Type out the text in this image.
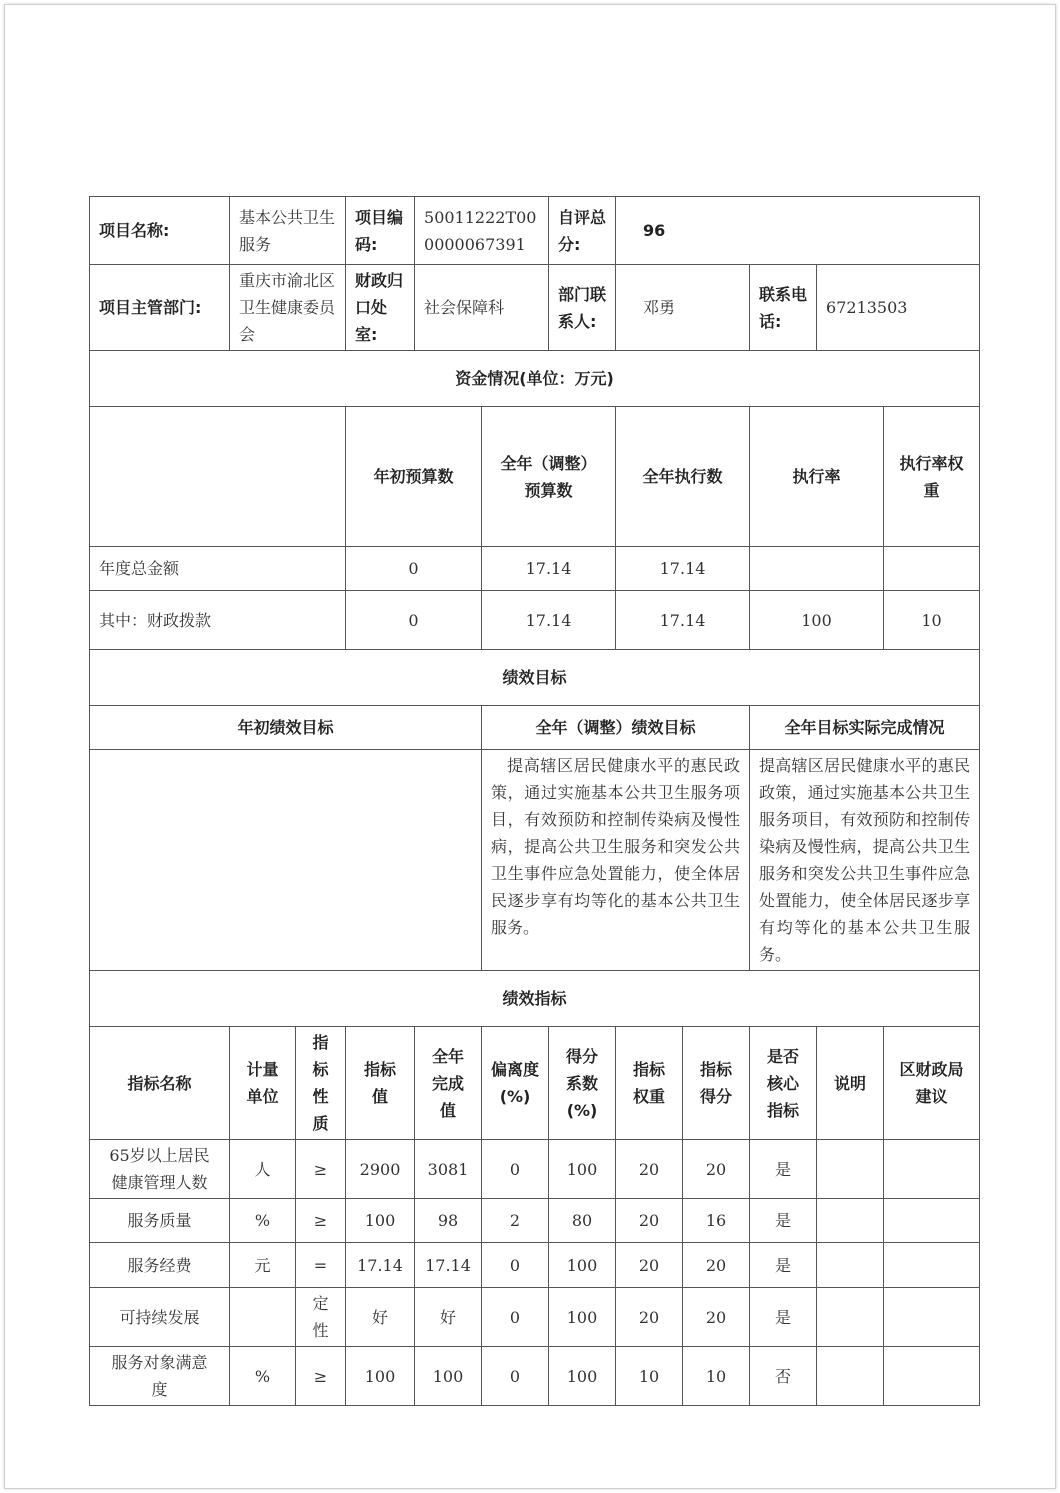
项目名称:	基本公共卫生服务		项目编码:	50011222T000000067391		自评总分:	96					
项目主管部门:	重庆市渝北区卫生健康委员会		财政归口处室:	社会保障科		部门联系人:	邓勇		联系电话:	67213503		
资金情况(单位：万元)												
			年初预算数		全年（调整）预算数		全年执行数		执行率		执行率权重	
年度总金额			0		17.14		17.14					
其中：财政拨款			0		17.14		17.14		100		10	
绩效目标												
年初绩效目标					全年（调整）绩效目标				全年目标实际完成情况			
					提高辖区居民健康水平的惠民政策，通过实施基本公共卫生服务项目，有效预防和控制传染病及慢性病，提高公共卫生服务和突发公共卫生事件应急处置能力，使全体居民逐步享有均等化的基本公共卫生服务。				提高辖区居民健康水平的惠民政策，通过实施基本公共卫生服务项目，有效预防和控制传染病及慢性病，提高公共卫生服务和突发公共卫生事件应急处置能力，使全体居民逐步享有均等化的基本公共卫生服务。			
绩效指标												
指标名称	计量单位	指标性质	指标值	全年完成值	偏离度(%)	得分系数(%)	指标权重	指标得分	是否核心指标	说明	区财政局建议	
65岁以上居民健康管理人数	人	≥	2900	3081	0	100	20	20	是			
服务质量	%	≥	100	98	2	80	20	16	是			
服务经费	元	=	17.14	17.14	0	100	20	20	是			
可持续发展		定性	好	好	0	100	20	20	是			
服务对象满意度	%	≥	100	100	0	100	10	10	否			
